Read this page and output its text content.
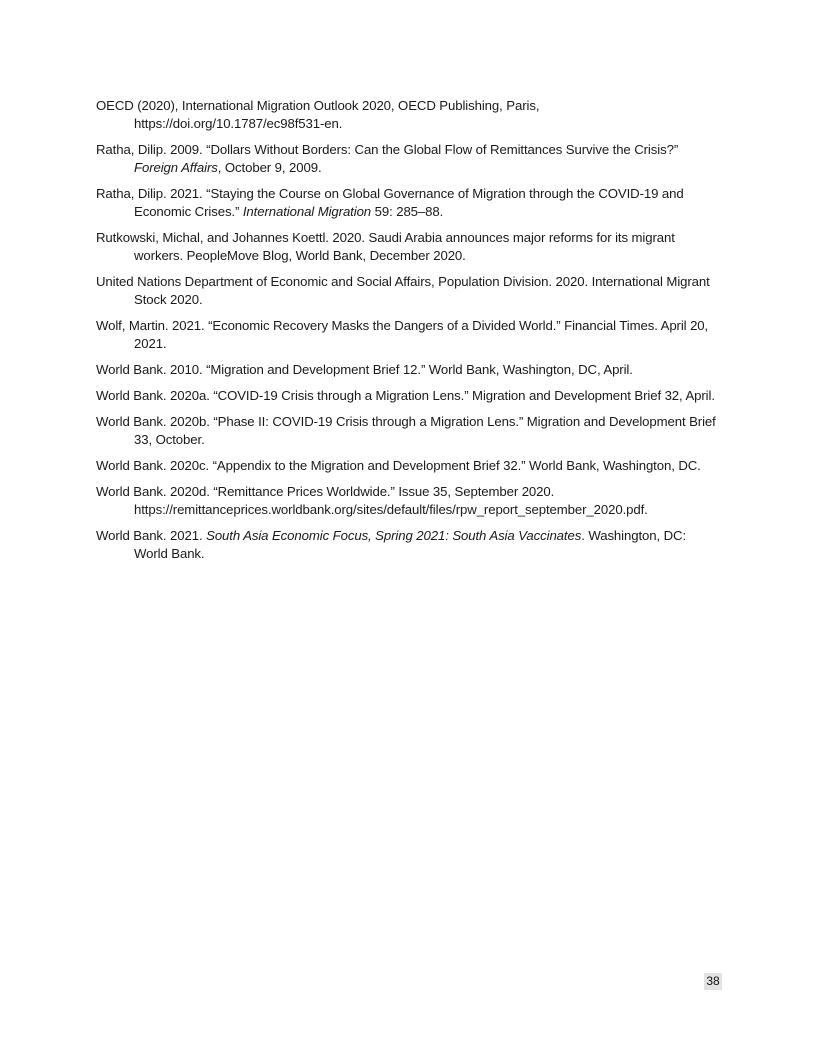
OECD (2020), International Migration Outlook 2020, OECD Publishing, Paris, https://doi.org/10.1787/ec98f531-en.

Ratha, Dilip. 2009. “Dollars Without Borders: Can the Global Flow of Remittances Survive the Crisis?” Foreign Affairs, October 9, 2009.

Ratha, Dilip. 2021. “Staying the Course on Global Governance of Migration through the COVID-19 and Economic Crises.” International Migration 59: 285–88.

Rutkowski, Michal, and Johannes Koettl. 2020. Saudi Arabia announces major reforms for its migrant workers. PeopleMove Blog, World Bank, December 2020.

United Nations Department of Economic and Social Affairs, Population Division. 2020. International Migrant Stock 2020.

Wolf, Martin. 2021. “Economic Recovery Masks the Dangers of a Divided World.” Financial Times. April 20, 2021.

World Bank. 2010. “Migration and Development Brief 12.” World Bank, Washington, DC, April.

World Bank. 2020a. “COVID-19 Crisis through a Migration Lens.” Migration and Development Brief 32, April.

World Bank. 2020b. “Phase II: COVID-19 Crisis through a Migration Lens.” Migration and Development Brief 33, October.

World Bank. 2020c. “Appendix to the Migration and Development Brief 32.” World Bank, Washington, DC.

World Bank. 2020d. “Remittance Prices Worldwide.” Issue 35, September 2020. https://remittanceprices.worldbank.org/sites/default/files/rpw_report_september_2020.pdf.

World Bank. 2021. South Asia Economic Focus, Spring 2021: South Asia Vaccinates. Washington, DC: World Bank.

38
